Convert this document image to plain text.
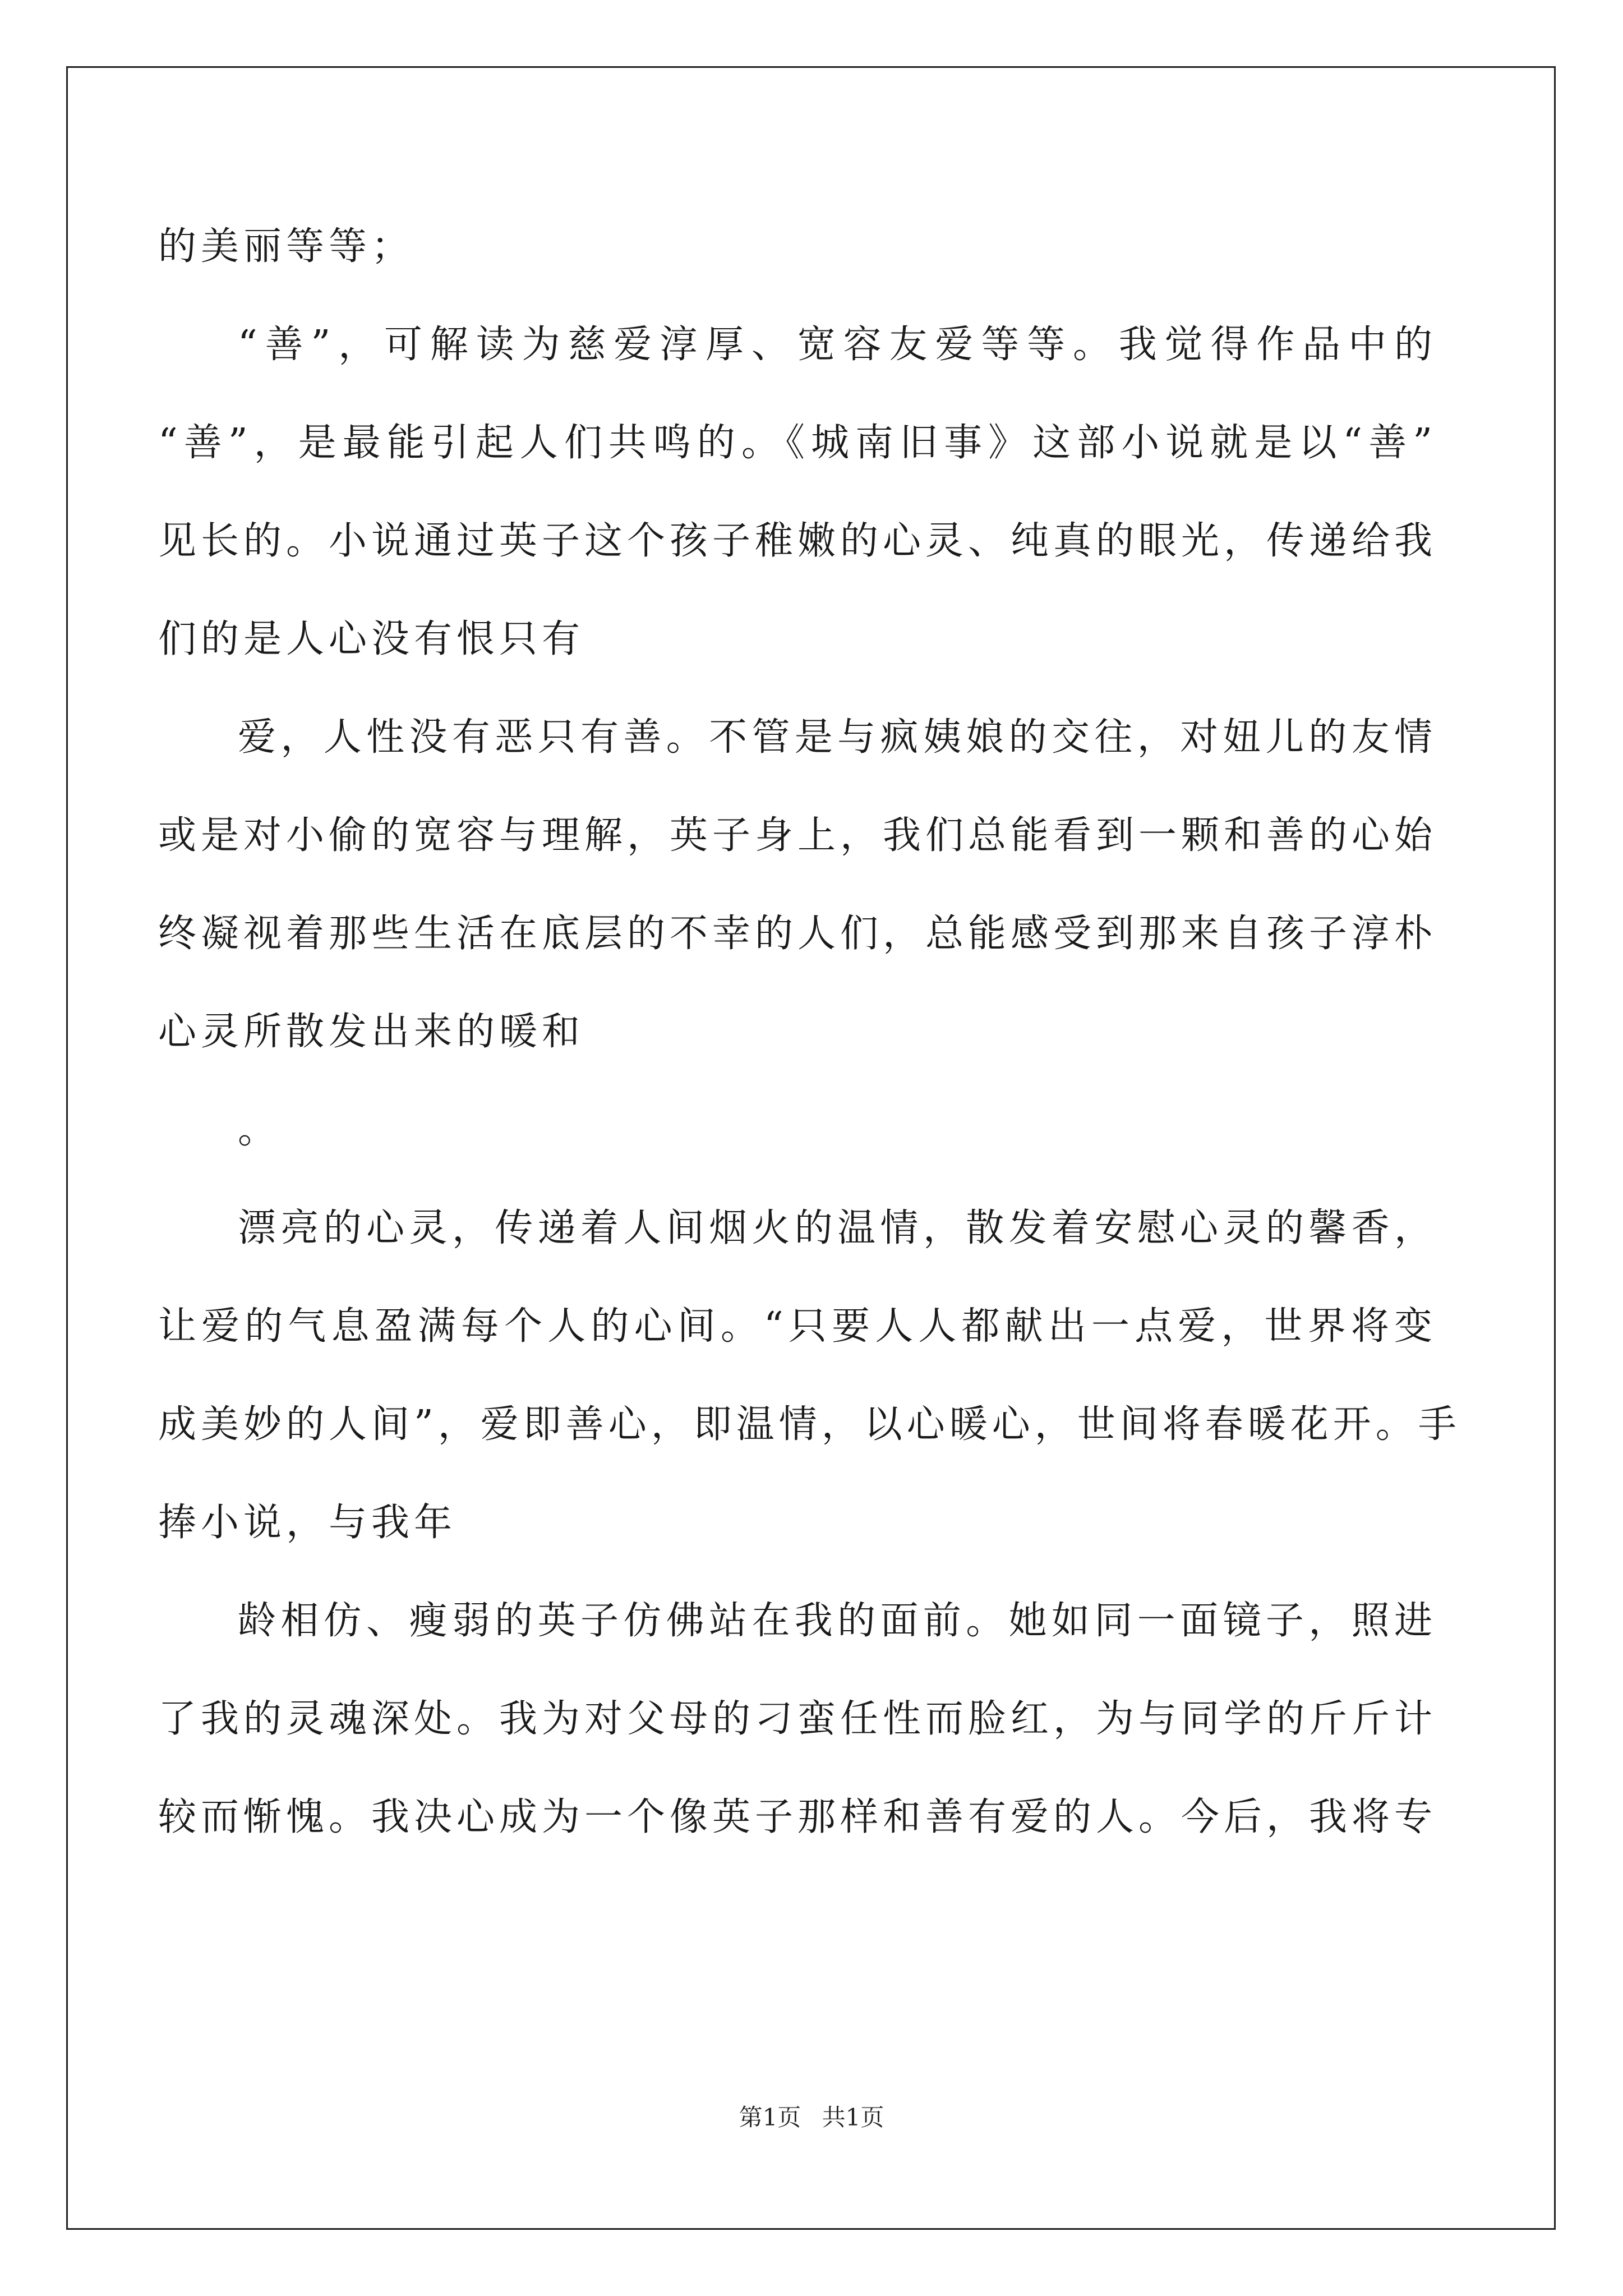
的美丽等等；
“善”，可解读为慈爱淳厚、宽容友爱等等。我觉得作品中的
“善”，是最能引起人们共鸣的。《城南旧事》这部小说就是以“善”
见长的。小说通过英子这个孩子稚嫩的心灵、纯真的眼光，传递给我
们的是人心没有恨只有
爱，人性没有恶只有善。不管是与疯姨娘的交往，对妞儿的友情
或是对小偷的宽容与理解，英子身上，我们总能看到一颗和善的心始
终凝视着那些生活在底层的不幸的人们，总能感受到那来自孩子淳朴
心灵所散发出来的暖和
。
漂亮的心灵，传递着人间烟火的温情，散发着安慰心灵的馨香，
让爱的气息盈满每个人的心间。“只要人人都献出一点爱，世界将变
成美妙的人间”，爱即善心，即温情，以心暖心，世间将春暖花开。手
捧小说，与我年
龄相仿、瘦弱的英子仿佛站在我的面前。她如同一面镜子，照进
了我的灵魂深处。我为对父母的刁蛮任性而脸红，为与同学的斤斤计
较而惭愧。我决心成为一个像英子那样和善有爱的人。今后，我将专
第1页 共1页
